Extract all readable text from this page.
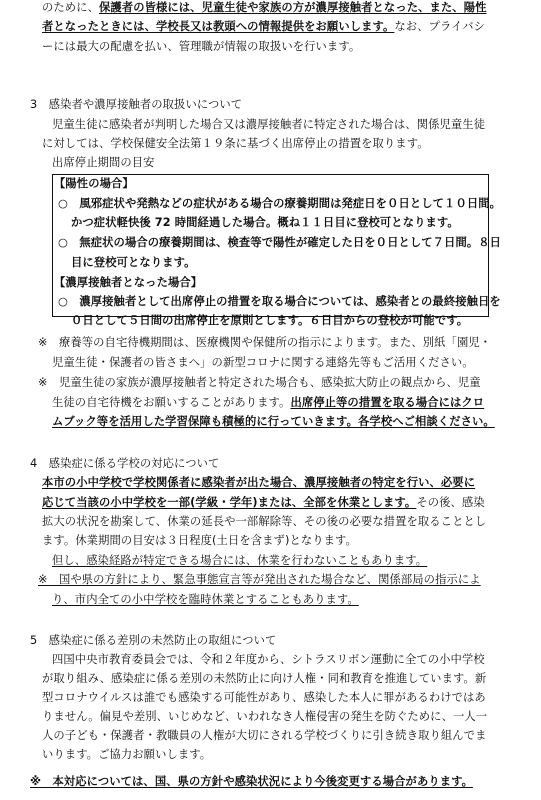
のために、保護者の皆様には、児童生徒や家族の方が濃厚接触者となった、また、陽性
者となったときには、学校長又は教頭への情報提供をお願いします。なお、プライバシ
ーには最大の配慮を払い、管理職が情報の取扱いを行います。
3　感染者や濃厚接触者の取扱いについて
児童生徒に感染者が判明した場合又は濃厚接触者に特定された場合は、関係児童生徒
に対しては、学校保健安全法第１９条に基づく出席停止の措置を取ります。
出席停止期間の目安
【陽性の場合】
○　風邪症状や発熱などの症状がある場合の療養期間は発症日を０日として１０日間。
かつ症状軽快後 72 時間経過した場合。概ね１１日目に登校可となります。
○　無症状の場合の療養期間は、検査等で陽性が確定した日を０日として７日間。８日
目に登校可となります。
【濃厚接触者となった場合】
○　濃厚接触者として出席停止の措置を取る場合については、感染者との最終接触日を
０日として５日間の出席停止を原則とします。６日目からの登校が可能です。
※　療養等の自宅待機期間は、医療機関や保健所の指示によります。また、別紙「園児・
児童生徒・保護者の皆さまへ」の新型コロナに関する連絡先等もご活用ください。
※　児童生徒の家族が濃厚接触者と特定された場合も、感染拡大防止の観点から、児童
生徒の自宅待機をお願いすることがあります。出席停止等の措置を取る場合にはクロ
ムブック等を活用した学習保障も積極的に行っていきます。各学校へご相談ください。
4　感染症に係る学校の対応について
本市の小中学校で学校関係者に感染者が出た場合、濃厚接触者の特定を行い、必要に
応じて当該の小中学校を一部(学級・学年)または、全部を休業とします。その後、感染
拡大の状況を勘案して、休業の延長や一部解除等、その後の必要な措置を取ることとし
ます。休業期間の目安は３日程度(土日を含まず)となります。
但し、感染経路が特定できる場合には、休業を行わないこともあります。
※　国や県の方針により、緊急事態宣言等が発出された場合など、関係部局の指示によ
り、市内全ての小中学校を臨時休業とすることもあります。
5　感染症に係る差別の未然防止の取組について
四国中央市教育委員会では、令和２年度から、シトラスリボン運動に全ての小中学校
が取り組み、感染症に係る差別の未然防止に向け人権・同和教育を推進しています。新
型コロナウイルスは誰でも感染する可能性があり、感染した本人に罪があるわけではあ
りません。偏見や差別、いじめなど、いわれなき人権侵害の発生を防ぐために、一人一
人の子ども・保護者・教職員の人権が大切にされる学校づくりに引き続き取り組んでま
いります。ご協力お願いします。
※　本対応については、国、県の方針や感染状況により今後変更する場合があります。
